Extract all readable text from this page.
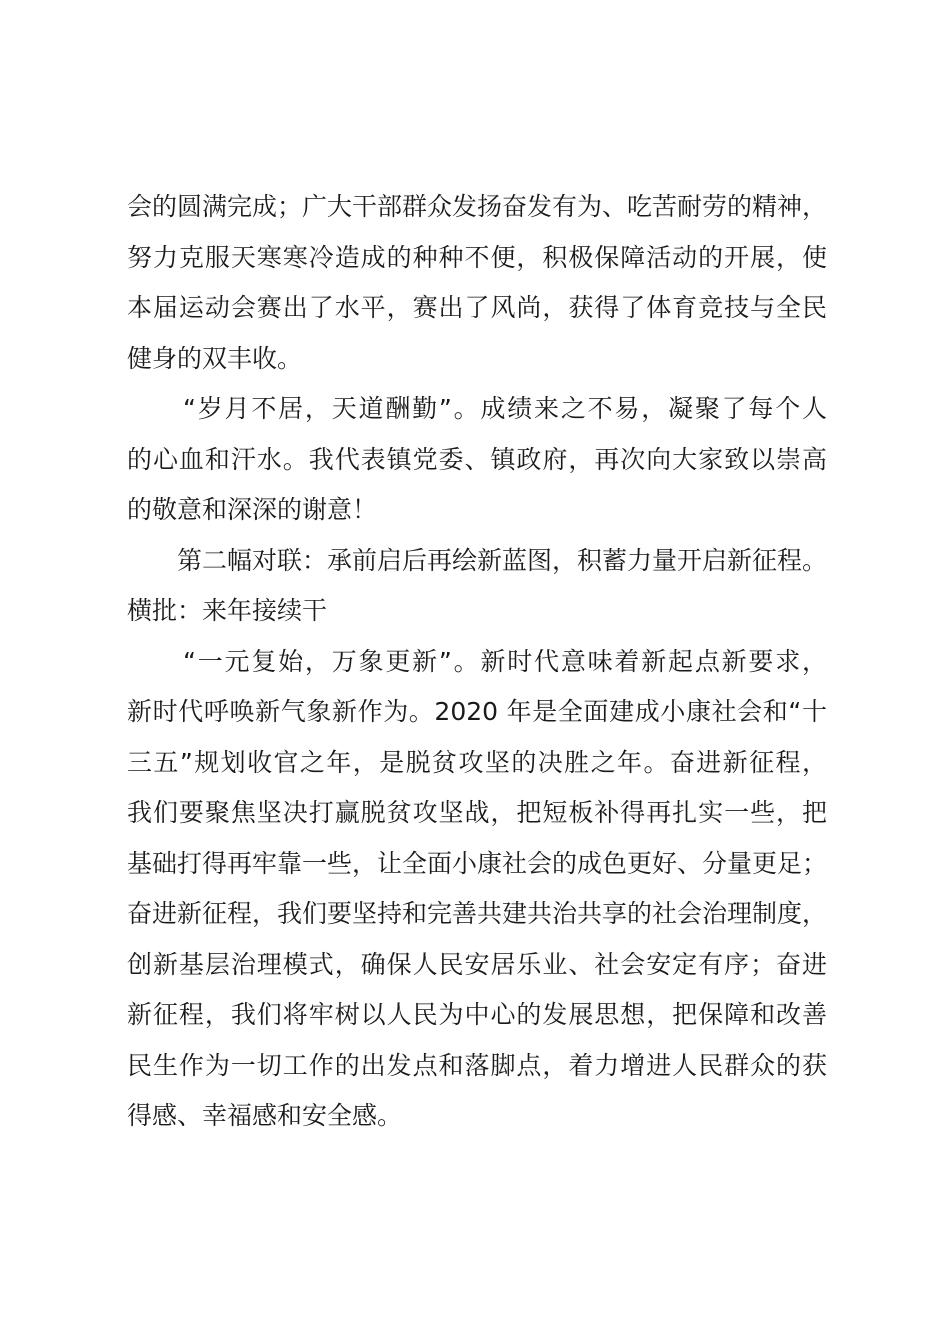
会的圆满完成；广大干部群众发扬奋发有为、吃苦耐劳的精神，
努力克服天寒寒冷造成的种种不便，积极保障活动的开展，使
本届运动会赛出了水平，赛出了风尚，获得了体育竞技与全民
健身的双丰收。
“岁月不居，天道酬勤”。成绩来之不易，凝聚了每个人
的心血和汗水。我代表镇党委、镇政府，再次向大家致以崇高
的敬意和深深的谢意！
第二幅对联：承前启后再绘新蓝图，积蓄力量开启新征程。
横批：来年接续干
“一元复始，万象更新”。新时代意味着新起点新要求，
新时代呼唤新气象新作为。2020 年是全面建成小康社会和“十
三五”规划收官之年，是脱贫攻坚的决胜之年。奋进新征程，
我们要聚焦坚决打赢脱贫攻坚战，把短板补得再扎实一些，把
基础打得再牢靠一些，让全面小康社会的成色更好、分量更足；
奋进新征程，我们要坚持和完善共建共治共享的社会治理制度，
创新基层治理模式，确保人民安居乐业、社会安定有序；奋进
新征程，我们将牢树以人民为中心的发展思想，把保障和改善
民生作为一切工作的出发点和落脚点，着力增进人民群众的获
得感、幸福感和安全感。
